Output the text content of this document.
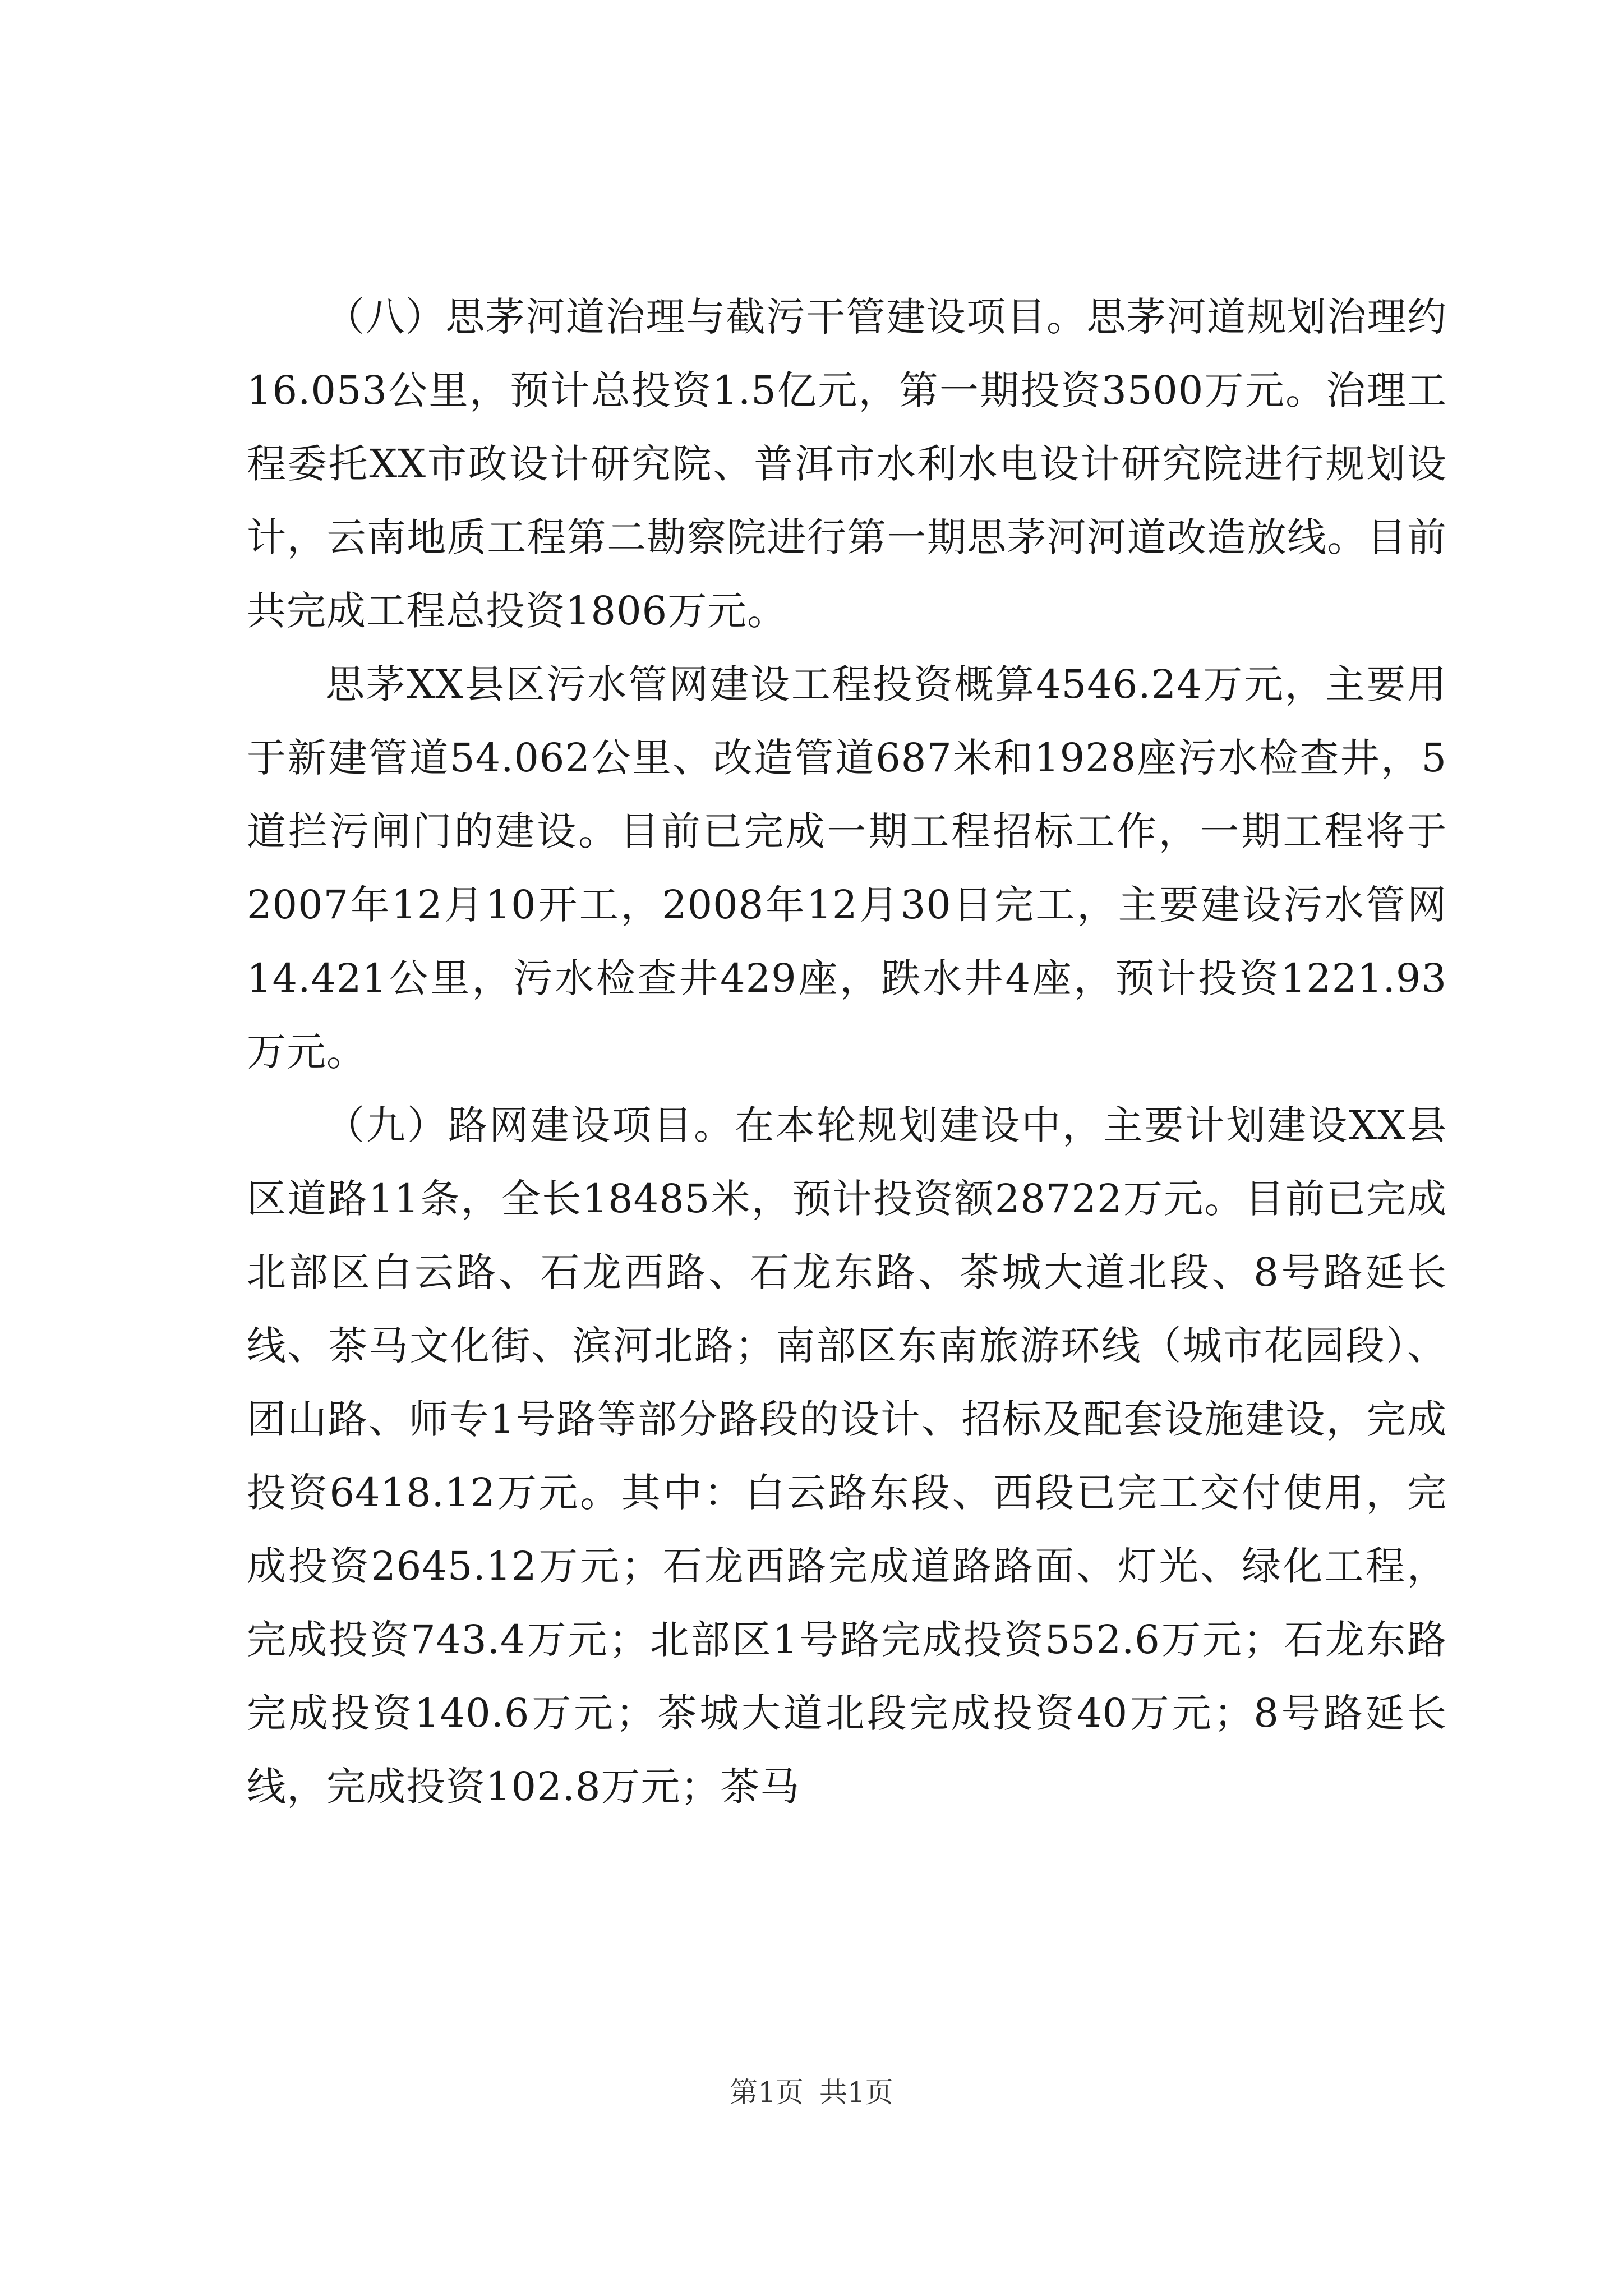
（八）思茅河道治理与截污干管建设项目。思茅河道规划治理约16.053公里，预计总投资1.5亿元，第一期投资3500万元。治理工程委托XX市政设计研究院、普洱市水利水电设计研究院进行规划设计，云南地质工程第二勘察院进行第一期思茅河河道改造放线。目前共完成工程总投资1806万元。

思茅XX县区污水管网建设工程投资概算4546.24万元，主要用于新建管道54.062公里、改造管道687米和1928座污水检查井，5道拦污闸门的建设。目前已完成一期工程招标工作，一期工程将于2007年12月10开工，2008年12月30日完工，主要建设污水管网14.421公里，污水检查井429座，跌水井4座，预计投资1221.93万元。

（九）路网建设项目。在本轮规划建设中，主要计划建设XX县区道路11条，全长18485米，预计投资额28722万元。目前已完成北部区白云路、石龙西路、石龙东路、茶城大道北段、8号路延长线、茶马文化街、滨河北路；南部区东南旅游环线（城市花园段）、团山路、师专1号路等部分路段的设计、招标及配套设施建设，完成投资6418.12万元。其中：白云路东段、西段已完工交付使用，完成投资2645.12万元；石龙西路完成道路路面、灯光、绿化工程，完成投资743.4万元；北部区1号路完成投资552.6万元；石龙东路完成投资140.6万元；茶城大道北段完成投资40万元；8号路延长线，完成投资102.8万元；茶马

第1页 共1页
